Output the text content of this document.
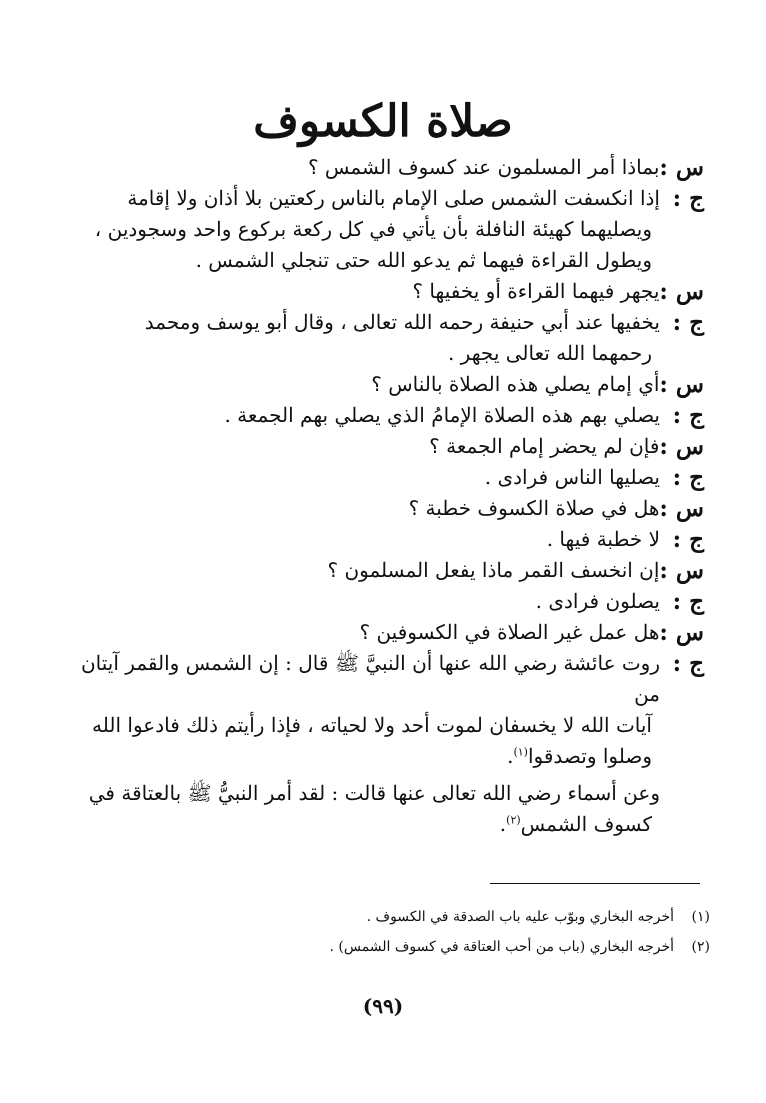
صلاة الكسوف
س :

بماذا أمر المسلمون عند كسوف الشمس ؟

ج :

إذا انكسفت الشمس صلى الإمام بالناس ركعتين بلا أذان ولا إقامة

ويصليهما كهيئة النافلة بأن يأتي في كل ركعة بركوع واحد وسجودين ،

ويطول القراءة فيهما ثم يدعو الله حتى تنجلي الشمس .

س :

يجهر فيهما القراءة أو يخفيها ؟

ج :

يخفيها عند أبي حنيفة رحمه الله تعالى ، وقال أبو يوسف ومحمد

رحمهما الله تعالى يجهر .

س :

أي إمام يصلي هذه الصلاة بالناس ؟

ج :

يصلي بهم هذه الصلاة الإمامُ الذي يصلي بهم الجمعة .

س :

فإن لم يحضر إمام الجمعة ؟

ج :

يصليها الناس فرادى .

س :

هل في صلاة الكسوف خطبة ؟

ج :

لا خطبة فيها .

س :

إن انخسف القمر ماذا يفعل المسلمون ؟

ج :

يصلون فرادى .

س :

هل عمل غير الصلاة في الكسوفين ؟

ج :

روت عائشة رضي الله عنها أن النبيَّ ﷺ قال : إن الشمس والقمر آيتان من

آيات الله لا يخسفان لموت أحد ولا لحياته ، فإذا رأيتم ذلك فادعوا الله

وصلوا وتصدقوا$^{(١)}$.

وعن أسماء رضي الله تعالى عنها قالت : لقد أمر النبيُّ ﷺ بالعتاقة في

كسوف الشمس$^{(٢)}$.

(١)
أخرجه البخاري وبوّب عليه باب الصدقة في الكسوف .
(٢)
أخرجه البخاري (باب من أحب العتاقة في كسوف الشمس) .
(٩٩)
